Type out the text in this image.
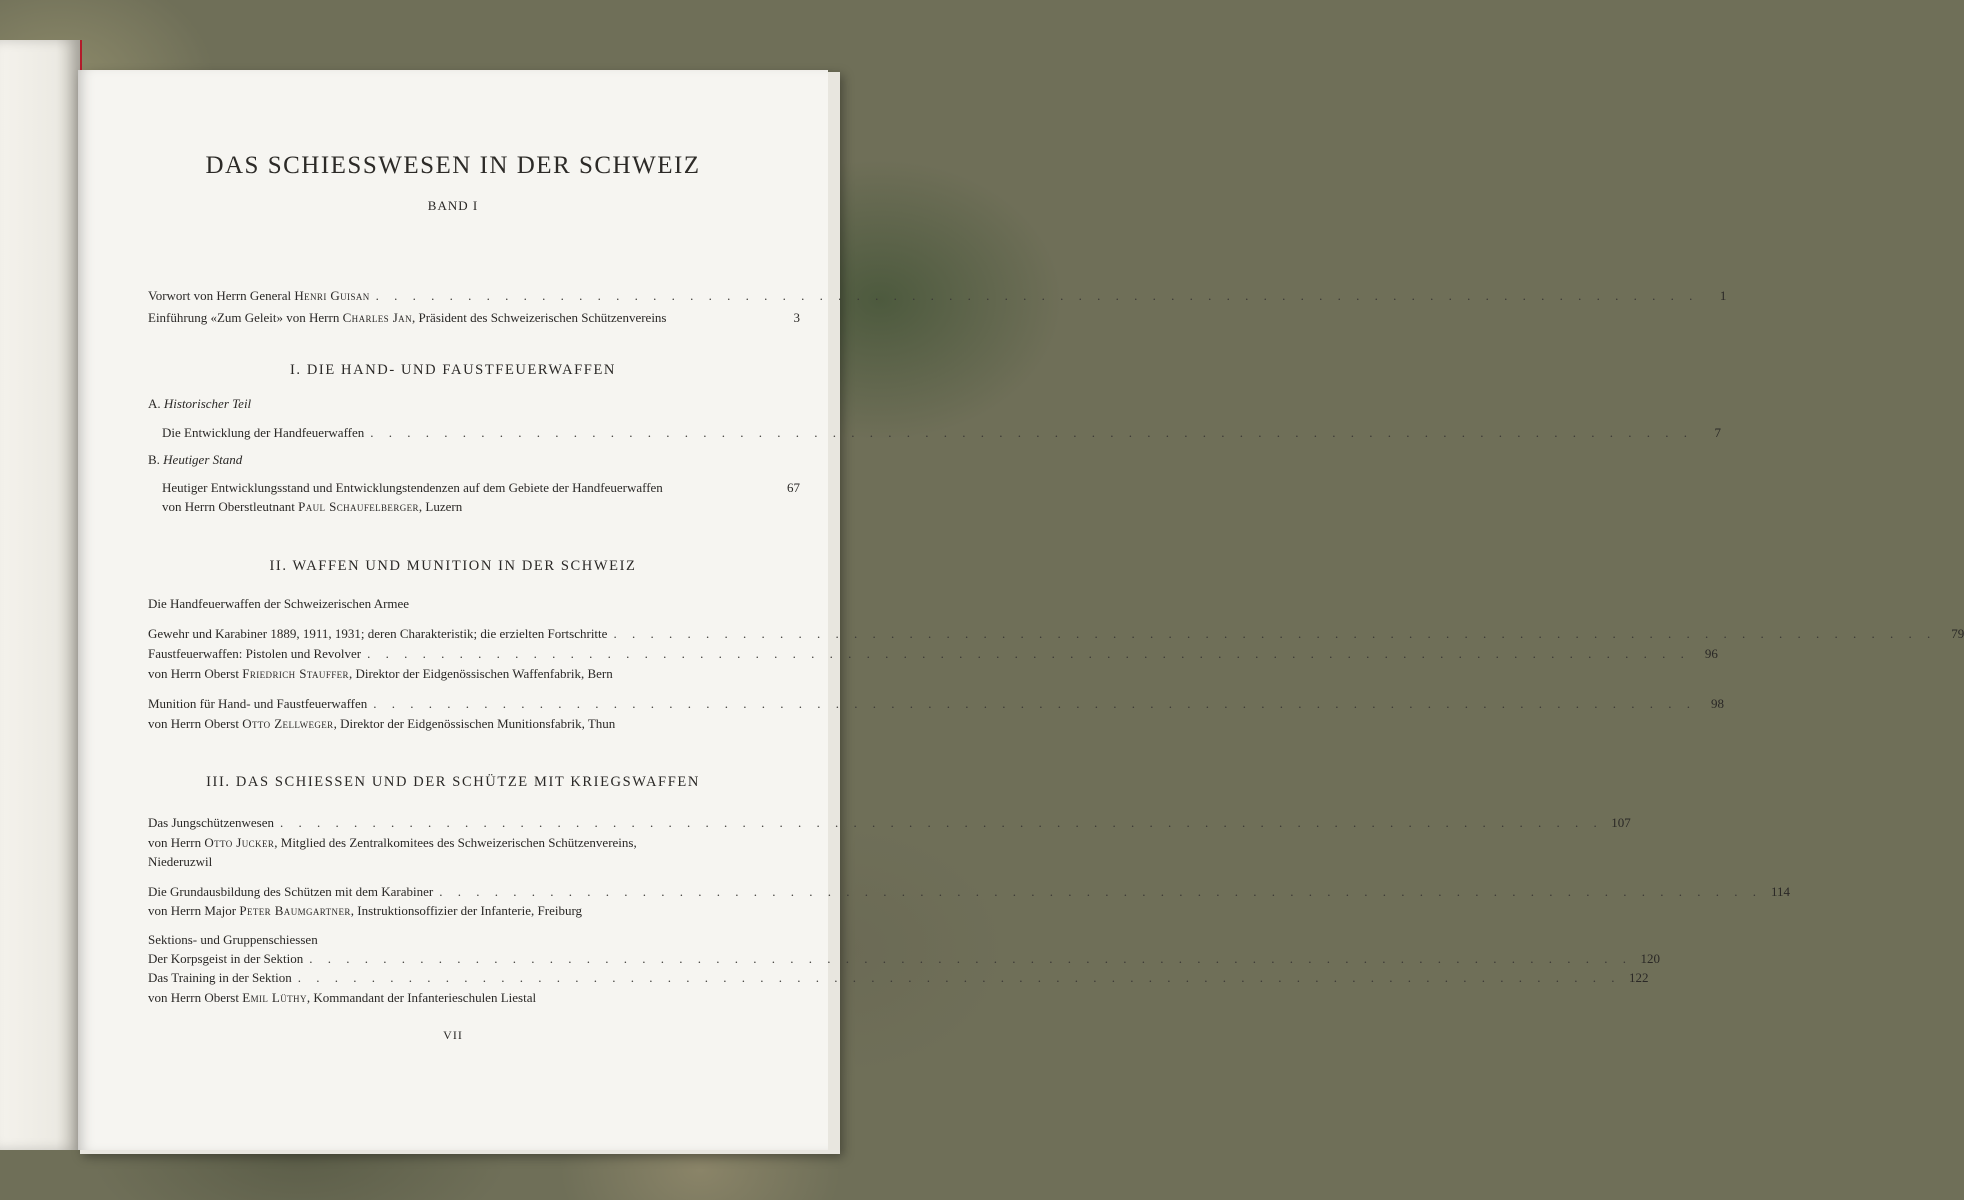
DAS SCHIESSWESEN IN DER SCHWEIZ
BAND I
Vorwort von Herrn General Henri Guisan . . . . . . . . . . . . . . . . . . . . . . . . . . . . . . . . . . . . . . . . . . . . . . . . . . . . . . . . . . . . . . . . . . . . . . . .	1
Einführung «Zum Geleit» von Herrn Charles Jan, Präsident des Schweizerischen Schützenvereins	3
I. DIE HAND- UND FAUSTFEUERWAFFEN
A. Historischer Teil
Die Entwicklung der Handfeuerwaffen . . . . . . . . . . . . . . . . . . . . . . . . . . . . . . . . . . . . . . . . . . . . . . . . . . . . . . . . . . . . . . . . . . . . . . . .	7
B. Heutiger Stand
Heutiger Entwicklungsstand und Entwicklungstendenzen auf dem Gebiete der Handfeuerwaffen	67
von Herrn Oberstleutnant Paul Schaufelberger, Luzern
II. WAFFEN UND MUNITION IN DER SCHWEIZ
Die Handfeuerwaffen der Schweizerischen Armee
Gewehr und Karabiner 1889, 1911, 1931; deren Charakteristik; die erzielten Fortschritte . . . . . . . . . . . . . . . . . . . . . . . . . . . . . . . . . . . . . . . . . . . . . . . . . . . . . . . . . . . . . . . . . . . . . . . .	79
Faustfeuerwaffen: Pistolen und Revolver . . . . . . . . . . . . . . . . . . . . . . . . . . . . . . . . . . . . . . . . . . . . . . . . . . . . . . . . . . . . . . . . . . . . . . . .	96
von Herrn Oberst Friedrich Stauffer, Direktor der Eidgenössischen Waffenfabrik, Bern
Munition für Hand- und Faustfeuerwaffen . . . . . . . . . . . . . . . . . . . . . . . . . . . . . . . . . . . . . . . . . . . . . . . . . . . . . . . . . . . . . . . . . . . . . . . .	98
von Herrn Oberst Otto Zellweger, Direktor der Eidgenössischen Munitionsfabrik, Thun
III. DAS SCHIESSEN UND DER SCHÜTZE MIT KRIEGSWAFFEN
Das Jungschützenwesen . . . . . . . . . . . . . . . . . . . . . . . . . . . . . . . . . . . . . . . . . . . . . . . . . . . . . . . . . . . . . . . . . . . . . . . . 107
von Herrn Otto Jucker, Mitglied des Zentralkomitees des Schweizerischen Schützenvereins,
Niederuzwil
Die Grundausbildung des Schützen mit dem Karabiner . . . . . . . . . . . . . . . . . . . . . . . . . . . . . . . . . . . . . . . . . . . . . . . . . . . . . . . . . . . . . . . . . . . . . . . . 114
von Herrn Major Peter Baumgartner, Instruktionsoffizier der Infanterie, Freiburg
Sektions- und Gruppenschiessen
Der Korpsgeist in der Sektion . . . . . . . . . . . . . . . . . . . . . . . . . . . . . . . . . . . . . . . . . . . . . . . . . . . . . . . . . . . . . . . . . . . . . . . . 120
Das Training in der Sektion . . . . . . . . . . . . . . . . . . . . . . . . . . . . . . . . . . . . . . . . . . . . . . . . . . . . . . . . . . . . . . . . . . . . . . . . 122
von Herrn Oberst Emil Lüthy, Kommandant der Infanterieschulen Liestal
VII
